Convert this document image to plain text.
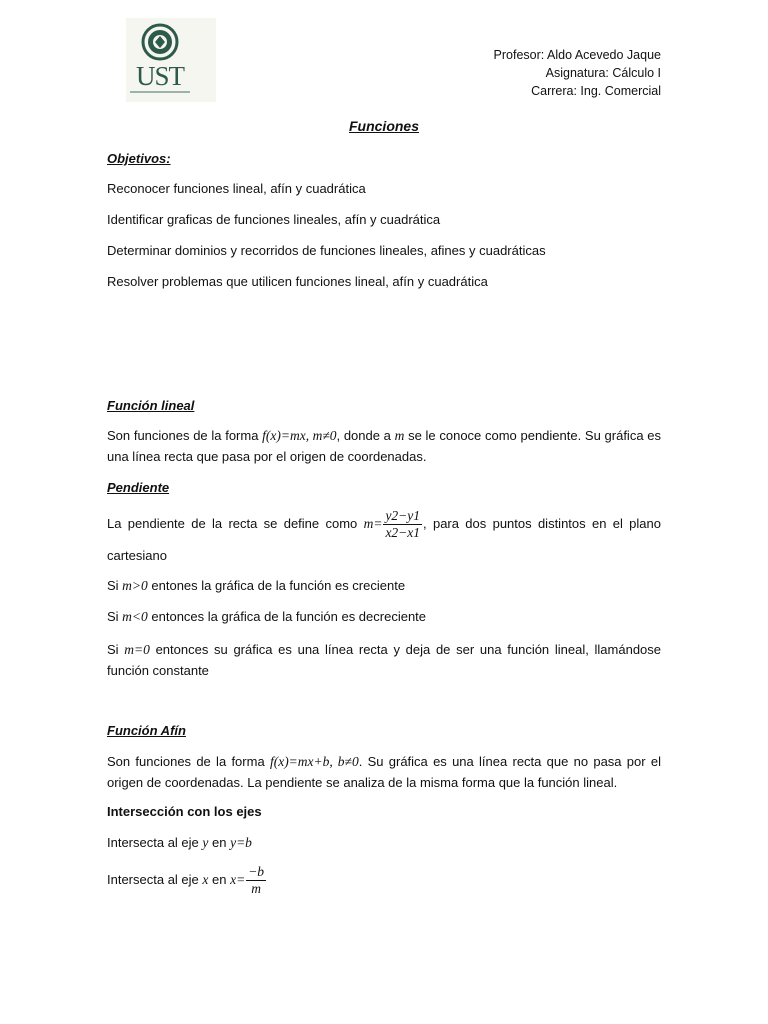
UST
Profesor: Aldo Acevedo Jaque
Asignatura: Cálculo I
Carrera: Ing. Comercial
Funciones
Objetivos:
Reconocer funciones lineal, afín y cuadrática
Identificar graficas de funciones lineales, afín y cuadrática
Determinar dominios y recorridos de funciones lineales, afines y cuadráticas
Resolver problemas que utilicen funciones lineal, afín y cuadrática
Función lineal
Son funciones de la forma f(x)=mx, m≠0, donde a m se le conoce como pendiente. Su gráfica es una línea recta que pasa por el origen de coordenadas.
Pendiente
La pendiente de la recta se define como $m= \frac{y2-y1}{x2-x1}$ , para dos puntos distintos en el plano cartesiano
Si m>0 entones la gráfica de la función es creciente
Si m<0 entonces la gráfica de la función es decreciente
Si m=0 entonces su gráfica es una línea recta y deja de ser una función lineal, llamándose función constante
Función Afín
Son funciones de la forma f(x)=mx+b, b≠0. Su gráfica es una línea recta que no pasa por el origen de coordenadas. La pendiente se analiza de la misma forma que la función lineal.
Intersección con los ejes
Intersecta al eje y en y=b
Intersecta al eje x en $x= \frac{-b}{m}$
